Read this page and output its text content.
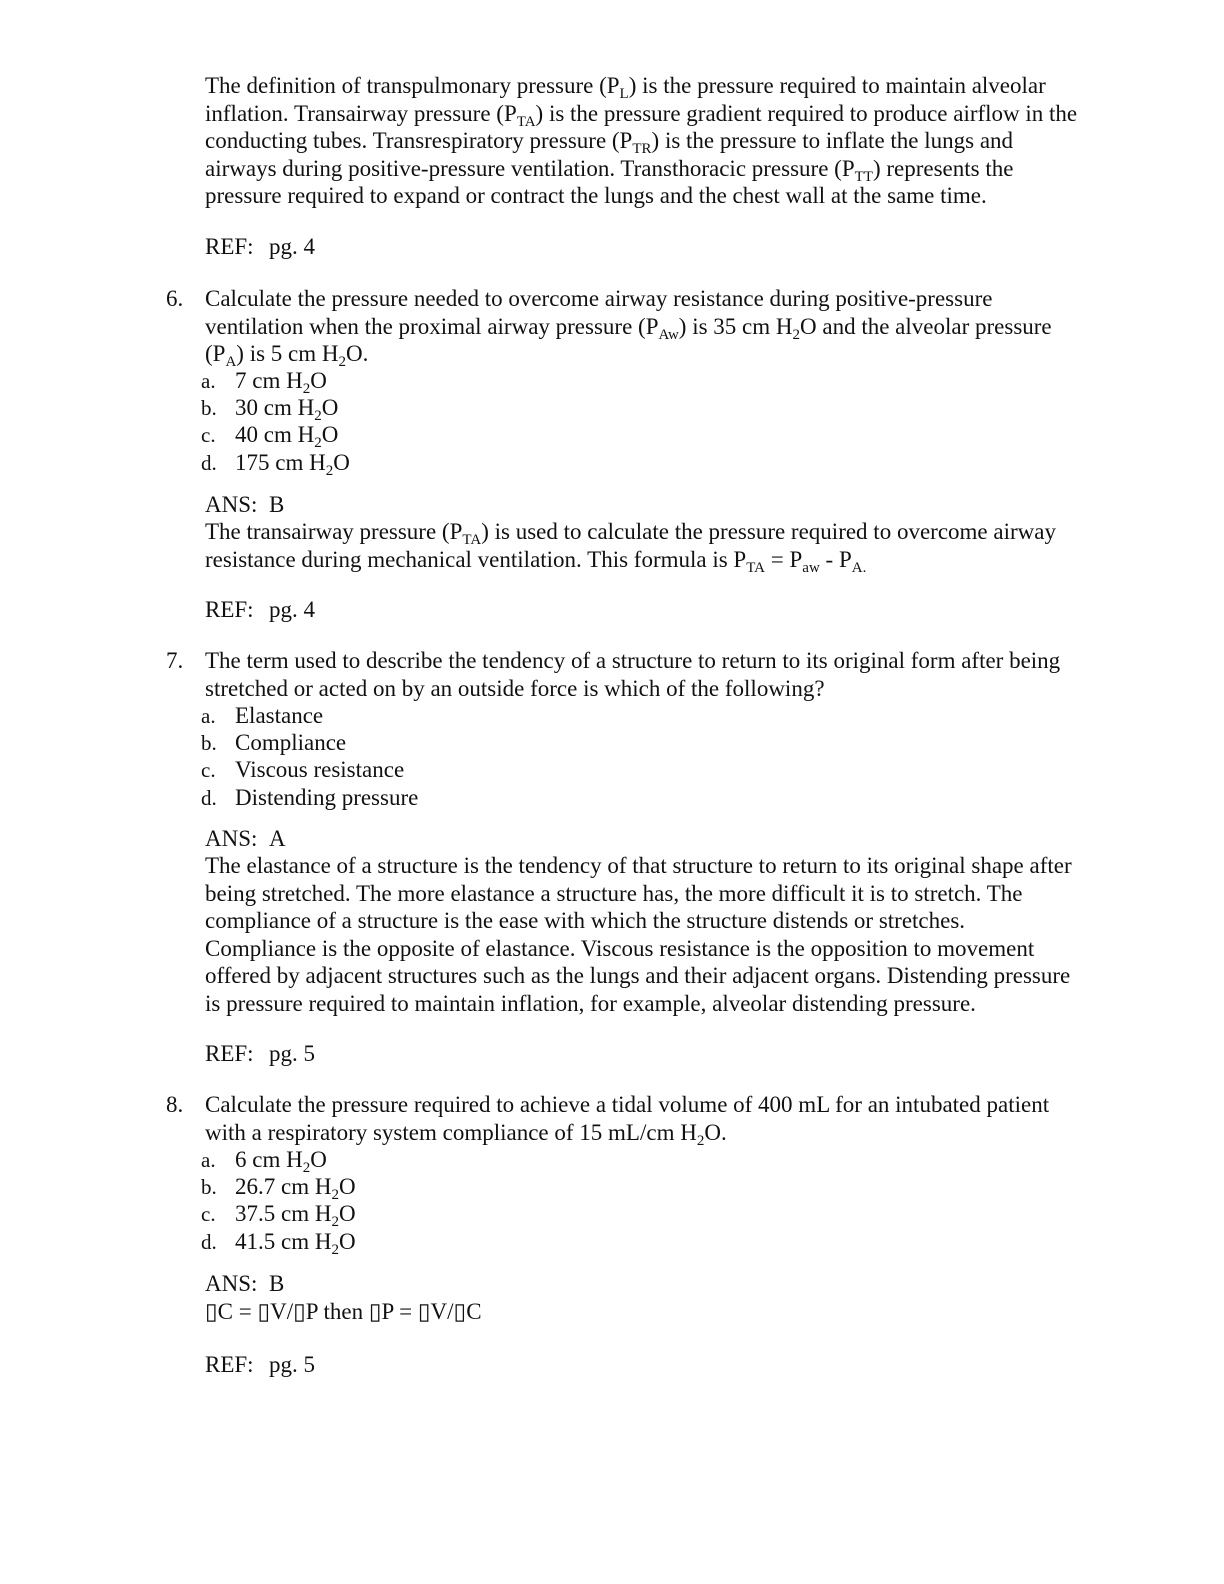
The definition of transpulmonary pressure $(P_L)$ is the pressure required to maintain alveolar
inflation. Transairway pressure $(P_{TA})$ is the pressure gradient required to produce airflow in the
conducting tubes. Transrespiratory pressure $(P_{TR})$ is the pressure to inflate the lungs and
airways during positive-pressure ventilation. Transthoracic pressure $(P_{TT})$ represents the
pressure required to expand or contract the lungs and the chest wall at the same time.
REF: pg. 4
6. Calculate the pressure needed to overcome airway resistance during positive-pressure
ventilation when the proximal airway pressure $(P_{Aw})$ is 35 cm $H_2O$ and the alveolar pressure
$(P_A)$ is 5 cm $H_2O$.
a. 7 cm $H_2O$
b. 30 cm $H_2O$
c. 40 cm $H_2O$
d. 175 cm $H_2O$
ANS: B
The transairway pressure $(P_{TA})$ is used to calculate the pressure required to overcome airway
resistance during mechanical ventilation. This formula is $P_{TA} = P_{aw} - P_{A.}$
REF: pg. 4
7. The term used to describe the tendency of a structure to return to its original form after being
stretched or acted on by an outside force is which of the following?
a. Elastance
b. Compliance
c. Viscous resistance
d. Distending pressure
ANS: A
The elastance of a structure is the tendency of that structure to return to its original shape after
being stretched. The more elastance a structure has, the more difficult it is to stretch. The
compliance of a structure is the ease with which the structure distends or stretches.
Compliance is the opposite of elastance. Viscous resistance is the opposition to movement
offered by adjacent structures such as the lungs and their adjacent organs. Distending pressure
is pressure required to maintain inflation, for example, alveolar distending pressure.
REF: pg. 5
8. Calculate the pressure required to achieve a tidal volume of 400 mL for an intubated patient
with a respiratory system compliance of 15 mL/cm $H_2O$.
a. 6 cm $H_2O$
b. 26.7 cm $H_2O$
c. 37.5 cm $H_2O$
d. 41.5 cm $H_2O$
ANS: B
▯C = ▯V/▯P then ▯P = ▯V/▯C
REF: pg. 5
